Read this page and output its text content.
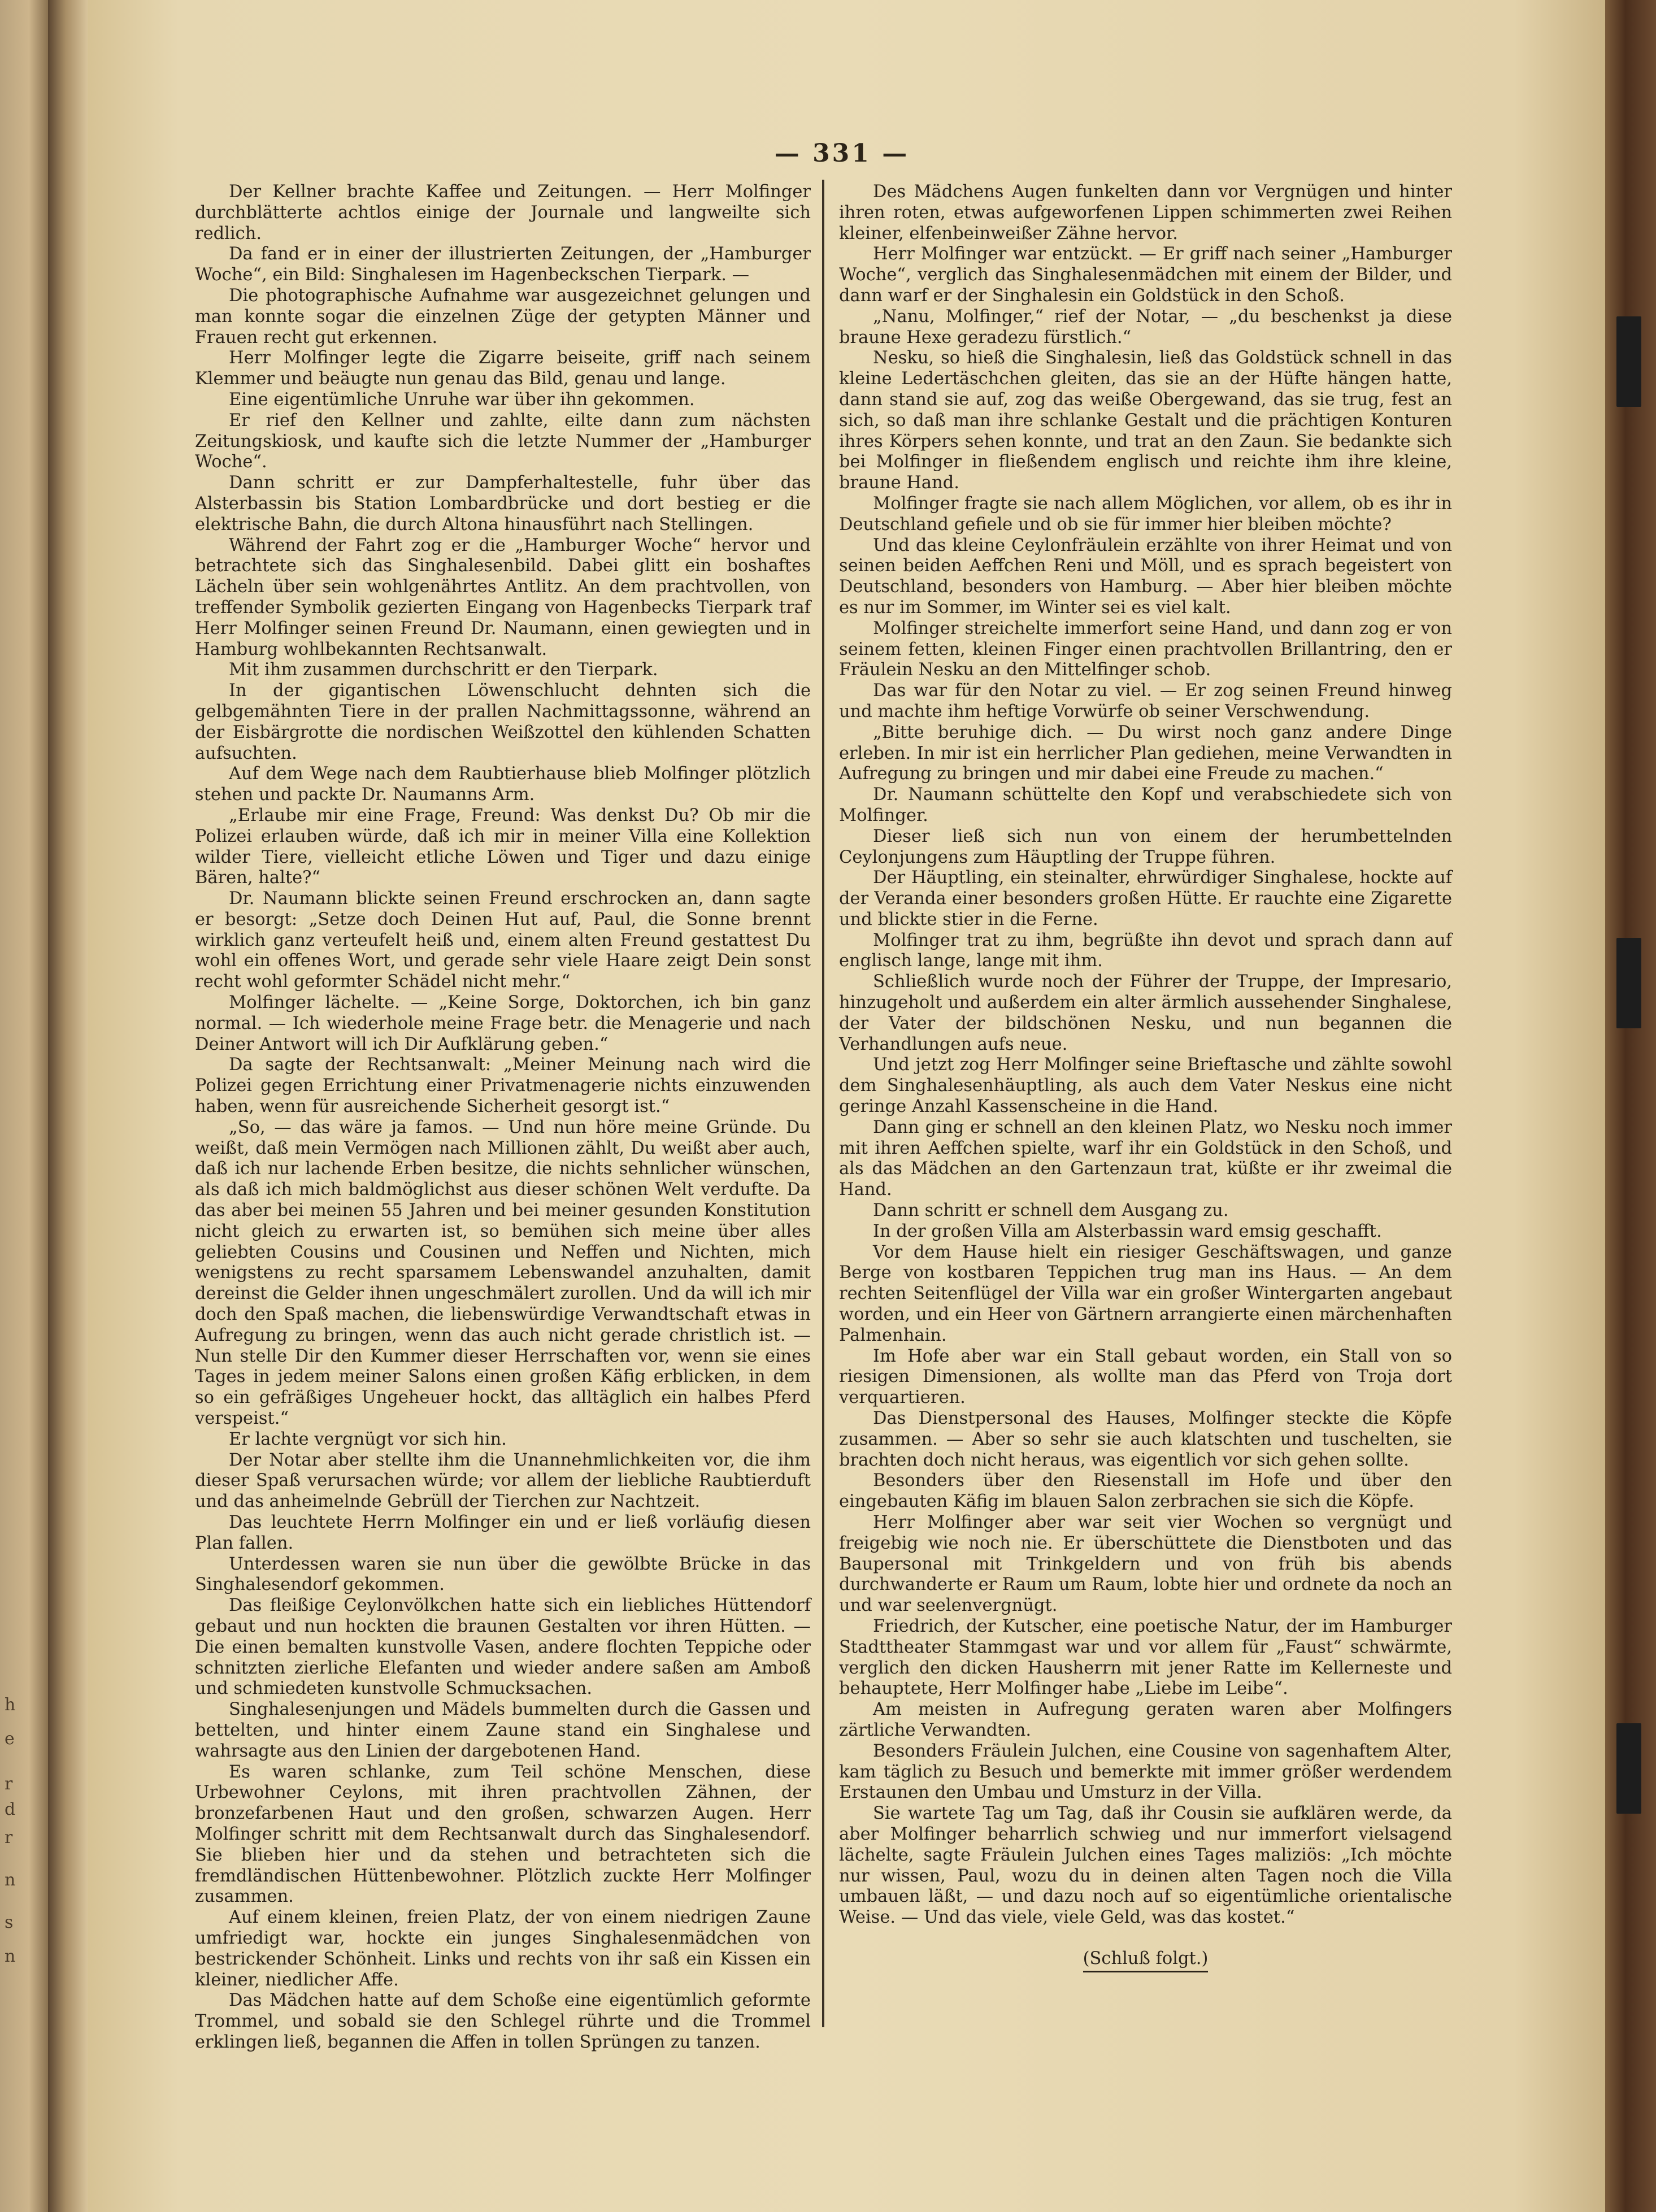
h
e
r
d
r
n
s
n
— 331 —

Der Kellner brachte Kaffee und Zeitungen. — Herr Molfinger durchblätterte achtlos einige der Journale und langweilte sich redlich.

Da fand er in einer der illustrierten Zeitungen, der „Hamburger Woche“, ein Bild: Singhalesen im Hagenbeckschen Tierpark. —

Die photographische Aufnahme war ausgezeichnet gelungen und man konnte sogar die einzelnen Züge der getypten Männer und Frauen recht gut erkennen.

Herr Molfinger legte die Zigarre beiseite, griff nach seinem Klemmer und beäugte nun genau das Bild, genau und lange.

Eine eigentümliche Unruhe war über ihn gekommen.

Er rief den Kellner und zahlte, eilte dann zum nächsten Zeitungskiosk, und kaufte sich die letzte Nummer der „Hamburger Woche“.

Dann schritt er zur Dampferhaltestelle, fuhr über das Alsterbassin bis Station Lombardbrücke und dort bestieg er die elektrische Bahn, die durch Altona hinausführt nach Stellingen.

Während der Fahrt zog er die „Hamburger Woche“ hervor und betrachtete sich das Singhalesenbild. Dabei glitt ein boshaftes Lächeln über sein wohlgenährtes Antlitz. An dem prachtvollen, von treffender Symbolik gezierten Eingang von Hagenbecks Tierpark traf Herr Molfinger seinen Freund Dr. Naumann, einen gewiegten und in Hamburg wohlbekannten Rechtsanwalt.

Mit ihm zusammen durchschritt er den Tierpark.

In der gigantischen Löwenschlucht dehnten sich die gelbgemähnten Tiere in der prallen Nachmittagssonne, während an der Eisbärgrotte die nordischen Weißzottel den kühlenden Schatten aufsuchten.

Auf dem Wege nach dem Raubtierhause blieb Molfinger plötzlich stehen und packte Dr. Naumanns Arm.

„Erlaube mir eine Frage, Freund: Was denkst Du? Ob mir die Polizei erlauben würde, daß ich mir in meiner Villa eine Kollektion wilder Tiere, vielleicht etliche Löwen und Tiger und dazu einige Bären, halte?“

Dr. Naumann blickte seinen Freund erschrocken an, dann sagte er besorgt: „Setze doch Deinen Hut auf, Paul, die Sonne brennt wirklich ganz verteufelt heiß und, einem alten Freund gestattest Du wohl ein offenes Wort, und gerade sehr viele Haare zeigt Dein sonst recht wohl geformter Schädel nicht mehr.“

Molfinger lächelte. — „Keine Sorge, Doktorchen, ich bin ganz normal. — Ich wiederhole meine Frage betr. die Menagerie und nach Deiner Antwort will ich Dir Aufklärung geben.“

Da sagte der Rechtsanwalt: „Meiner Meinung nach wird die Polizei gegen Errichtung einer Privatmenagerie nichts einzuwenden haben, wenn für ausreichende Sicherheit gesorgt ist.“

„So, — das wäre ja famos. — Und nun höre meine Gründe. Du weißt, daß mein Vermögen nach Millionen zählt, Du weißt aber auch, daß ich nur lachende Erben besitze, die nichts sehnlicher wünschen, als daß ich mich baldmöglichst aus dieser schönen Welt verdufte. Da das aber bei meinen 55 Jahren und bei meiner gesunden Konstitution nicht gleich zu erwarten ist, so bemühen sich meine über alles geliebten Cousins und Cousinen und Neffen und Nichten, mich wenigstens zu recht sparsamem Lebenswandel anzuhalten, damit dereinst die Gelder ihnen ungeschmälert zurollen. Und da will ich mir doch den Spaß machen, die liebenswürdige Verwandtschaft etwas in Aufregung zu bringen, wenn das auch nicht gerade christlich ist. — Nun stelle Dir den Kummer dieser Herrschaften vor, wenn sie eines Tages in jedem meiner Salons einen großen Käfig erblicken, in dem so ein gefräßiges Ungeheuer hockt, das alltäglich ein halbes Pferd verspeist.“

Er lachte vergnügt vor sich hin.

Der Notar aber stellte ihm die Unannehmlichkeiten vor, die ihm dieser Spaß verursachen würde; vor allem der liebliche Raubtierduft und das anheimelnde Gebrüll der Tierchen zur Nachtzeit.

Das leuchtete Herrn Molfinger ein und er ließ vorläufig diesen Plan fallen.

Unterdessen waren sie nun über die gewölbte Brücke in das Singhalesendorf gekommen.

Das fleißige Ceylonvölkchen hatte sich ein liebliches Hüttendorf gebaut und nun hockten die braunen Gestalten vor ihren Hütten. — Die einen bemalten kunstvolle Vasen, andere flochten Teppiche oder schnitzten zierliche Elefanten und wieder andere saßen am Amboß und schmiedeten kunstvolle Schmucksachen.

Singhalesenjungen und Mädels bummelten durch die Gassen und bettelten, und hinter einem Zaune stand ein Singhalese und wahrsagte aus den Linien der dargebotenen Hand.

Es waren schlanke, zum Teil schöne Menschen, diese Urbewohner Ceylons, mit ihren prachtvollen Zähnen, der bronzefarbenen Haut und den großen, schwarzen Augen. Herr Molfinger schritt mit dem Rechtsanwalt durch das Singhalesendorf. Sie blieben hier und da stehen und betrachteten sich die fremdländischen Hüttenbewohner. Plötzlich zuckte Herr Molfinger zusammen.

Auf einem kleinen, freien Platz, der von einem niedrigen Zaune umfriedigt war, hockte ein junges Singhalesenmädchen von bestrickender Schönheit. Links und rechts von ihr saß ein Kissen ein kleiner, niedlicher Affe.

Das Mädchen hatte auf dem Schoße eine eigentümlich geformte Trommel, und sobald sie den Schlegel rührte und die Trommel erklingen ließ, begannen die Affen in tollen Sprüngen zu tanzen.

Des Mädchens Augen funkelten dann vor Vergnügen und hinter ihren roten, etwas aufgeworfenen Lippen schimmerten zwei Reihen kleiner, elfenbeinweißer Zähne hervor.

Herr Molfinger war entzückt. — Er griff nach seiner „Hamburger Woche“, verglich das Singhalesenmädchen mit einem der Bilder, und dann warf er der Singhalesin ein Goldstück in den Schoß.

„Nanu, Molfinger,“ rief der Notar, — „du beschenkst ja diese braune Hexe geradezu fürstlich.“

Nesku, so hieß die Singhalesin, ließ das Goldstück schnell in das kleine Ledertäschchen gleiten, das sie an der Hüfte hängen hatte, dann stand sie auf, zog das weiße Obergewand, das sie trug, fest an sich, so daß man ihre schlanke Gestalt und die prächtigen Konturen ihres Körpers sehen konnte, und trat an den Zaun. Sie bedankte sich bei Molfinger in fließendem englisch und reichte ihm ihre kleine, braune Hand.

Molfinger fragte sie nach allem Möglichen, vor allem, ob es ihr in Deutschland gefiele und ob sie für immer hier bleiben möchte?

Und das kleine Ceylonfräulein erzählte von ihrer Heimat und von seinen beiden Aeffchen Reni und Möll, und es sprach begeistert von Deutschland, besonders von Hamburg. — Aber hier bleiben möchte es nur im Sommer, im Winter sei es viel kalt.

Molfinger streichelte immerfort seine Hand, und dann zog er von seinem fetten, kleinen Finger einen prachtvollen Brillantring, den er Fräulein Nesku an den Mittelfinger schob.

Das war für den Notar zu viel. — Er zog seinen Freund hinweg und machte ihm heftige Vorwürfe ob seiner Verschwendung.

„Bitte beruhige dich. — Du wirst noch ganz andere Dinge erleben. In mir ist ein herrlicher Plan gediehen, meine Verwandten in Aufregung zu bringen und mir dabei eine Freude zu machen.“

Dr. Naumann schüttelte den Kopf und verabschiedete sich von Molfinger.

Dieser ließ sich nun von einem der herumbettelnden Ceylonjungens zum Häuptling der Truppe führen.

Der Häuptling, ein steinalter, ehrwürdiger Singhalese, hockte auf der Veranda einer besonders großen Hütte. Er rauchte eine Zigarette und blickte stier in die Ferne.

Molfinger trat zu ihm, begrüßte ihn devot und sprach dann auf englisch lange, lange mit ihm.

Schließlich wurde noch der Führer der Truppe, der Impresario, hinzugeholt und außerdem ein alter ärmlich aussehender Singhalese, der Vater der bildschönen Nesku, und nun begannen die Verhandlungen aufs neue.

Und jetzt zog Herr Molfinger seine Brieftasche und zählte sowohl dem Singhalesenhäuptling, als auch dem Vater Neskus eine nicht geringe Anzahl Kassenscheine in die Hand.

Dann ging er schnell an den kleinen Platz, wo Nesku noch immer mit ihren Aeffchen spielte, warf ihr ein Goldstück in den Schoß, und als das Mädchen an den Gartenzaun trat, küßte er ihr zweimal die Hand.

Dann schritt er schnell dem Ausgang zu.

In der großen Villa am Alsterbassin ward emsig geschafft.

Vor dem Hause hielt ein riesiger Geschäftswagen, und ganze Berge von kostbaren Teppichen trug man ins Haus. — An dem rechten Seitenflügel der Villa war ein großer Wintergarten angebaut worden, und ein Heer von Gärtnern arrangierte einen märchenhaften Palmenhain.

Im Hofe aber war ein Stall gebaut worden, ein Stall von so riesigen Dimensionen, als wollte man das Pferd von Troja dort verquartieren.

Das Dienstpersonal des Hauses, Molfinger steckte die Köpfe zusammen. — Aber so sehr sie auch klatschten und tuschelten, sie brachten doch nicht heraus, was eigentlich vor sich gehen sollte.

Besonders über den Riesenstall im Hofe und über den eingebauten Käfig im blauen Salon zerbrachen sie sich die Köpfe.

Herr Molfinger aber war seit vier Wochen so vergnügt und freigebig wie noch nie. Er überschüttete die Dienstboten und das Baupersonal mit Trinkgeldern und von früh bis abends durchwanderte er Raum um Raum, lobte hier und ordnete da noch an und war seelenvergnügt.

Friedrich, der Kutscher, eine poetische Natur, der im Hamburger Stadttheater Stammgast war und vor allem für „Faust“ schwärmte, verglich den dicken Hausherrn mit jener Ratte im Kellerneste und behauptete, Herr Molfinger habe „Liebe im Leibe“.

Am meisten in Aufregung geraten waren aber Molfingers zärtliche Verwandten.

Besonders Fräulein Julchen, eine Cousine von sagenhaftem Alter, kam täglich zu Besuch und bemerkte mit immer größer werdendem Erstaunen den Umbau und Umsturz in der Villa.

Sie wartete Tag um Tag, daß ihr Cousin sie aufklären werde, da aber Molfinger beharrlich schwieg und nur immerfort vielsagend lächelte, sagte Fräulein Julchen eines Tages maliziös: „Ich möchte nur wissen, Paul, wozu du in deinen alten Tagen noch die Villa umbauen läßt, — und dazu noch auf so eigentümliche orientalische Weise. — Und das viele, viele Geld, was das kostet.“

(Schluß folgt.)
